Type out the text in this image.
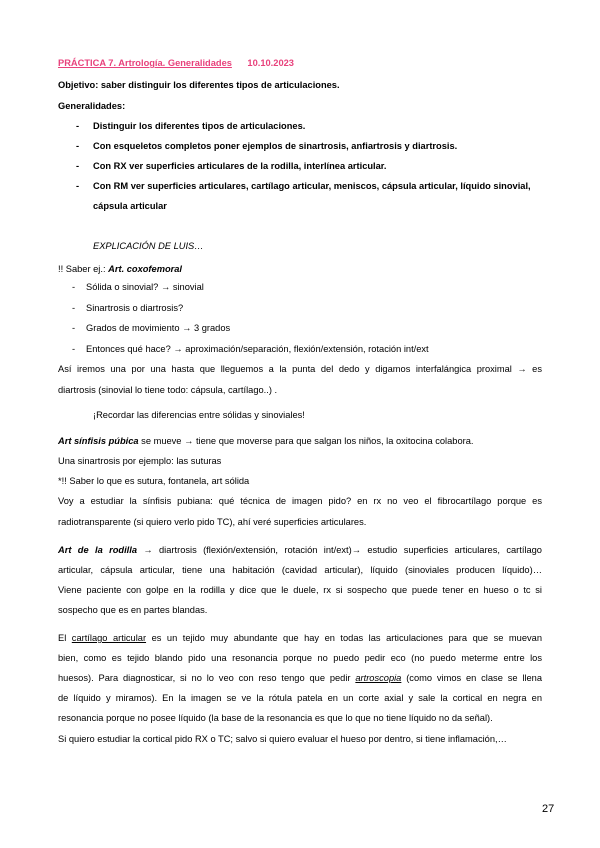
PRÁCTICA 7. Artrología. Generalidades 10.10.2023
Objetivo: saber distinguir los diferentes tipos de articulaciones.
Generalidades:
- Distinguir los diferentes tipos de articulaciones.
- Con esqueletos completos poner ejemplos de sinartrosis, anfiartrosis y diartrosis.
- Con RX ver superficies articulares de la rodilla, interlínea articular.
- Con RM ver superficies articulares, cartílago articular, meniscos, cápsula articular, líquido sinovial,
cápsula articular
EXPLICACIÓN DE LUIS…
!! Saber ej.: Art. coxofemoral
- Sólida o sinovial? → sinovial
- Sinartrosis o diartrosis?
- Grados de movimiento → 3 grados
- Entonces qué hace? → aproximación/separación, flexión/extensión, rotación int/ext
Así iremos una por una hasta que lleguemos a la punta del dedo y digamos interfalángica proximal → es
diartrosis (sinovial lo tiene todo: cápsula, cartílago..) .
¡Recordar las diferencias entre sólidas y sinoviales!
Art sínfisis púbica se mueve → tiene que moverse para que salgan los niños, la oxitocina colabora.
Una sinartrosis por ejemplo: las suturas
*!! Saber lo que es sutura, fontanela, art sólida
Voy a estudiar la sínfisis pubiana: qué técnica de imagen pido? en rx no veo el fibrocartílago porque es
radiotransparente (si quiero verlo pido TC), ahí veré superficies articulares.
Art de la rodilla → diartrosis (flexión/extensión, rotación int/ext)→ estudio superficies articulares, cartílago
articular, cápsula articular, tiene una habitación (cavidad articular), líquido (sinoviales producen líquido)…
Viene paciente con golpe en la rodilla y dice que le duele, rx si sospecho que puede tener en hueso o tc si
sospecho que es en partes blandas.
El cartílago articular es un tejido muy abundante que hay en todas las articulaciones para que se muevan
bien, como es tejido blando pido una resonancia porque no puedo pedir eco (no puedo meterme entre los
huesos). Para diagnosticar, si no lo veo con reso tengo que pedir artroscopia (como vimos en clase se llena
de líquido y miramos). En la imagen se ve la rótula patela en un corte axial y sale la cortical en negra en
resonancia porque no posee líquido (la base de la resonancia es que lo que no tiene líquido no da señal).
Si quiero estudiar la cortical pido RX o TC; salvo si quiero evaluar el hueso por dentro, si tiene inflamación,…
27
